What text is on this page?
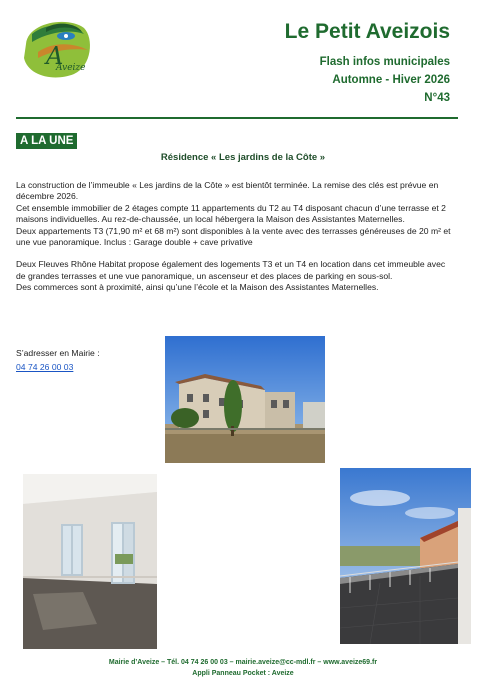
A
Aveize
Le Petit Aveizois
Flash infos municipales
Automne - Hiver 2026
N°43
A LA UNE
Résidence « Les jardins de la Côte »

La construction de l’immeuble « Les jardins de la Côte » est bientôt terminée. La remise des clés est prévue en décembre 2026.

Cet ensemble immobilier de 2 étages compte 11 appartements du T2 au T4 disposant chacun d’une terrasse et 2 maisons individuelles. Au rez-de-chaussée, un local hébergera la Maison des Assistantes Maternelles.

Deux appartements T3 (71,90 m² et 68 m²) sont disponibles à la vente avec des terrasses généreuses de 20 m² et une vue panoramique. Inclus : Garage double + cave privative

Deux Fleuves Rhône Habitat propose également des logements T3 et un T4 en location dans cet immeuble avec de grandes terrasses et une vue panoramique, un ascenseur et des places de parking en sous-sol.

Des commerces sont à proximité, ainsi qu’une l’école et la Maison des Assistantes Maternelles.

S’adresser en Mairie :
04 74 26 00 03
Mairie d’Aveize – Tél. 04 74 26 00 03 – mairie.aveize@cc-mdl.fr – www.aveize69.fr
Appli Panneau Pocket : Aveize
